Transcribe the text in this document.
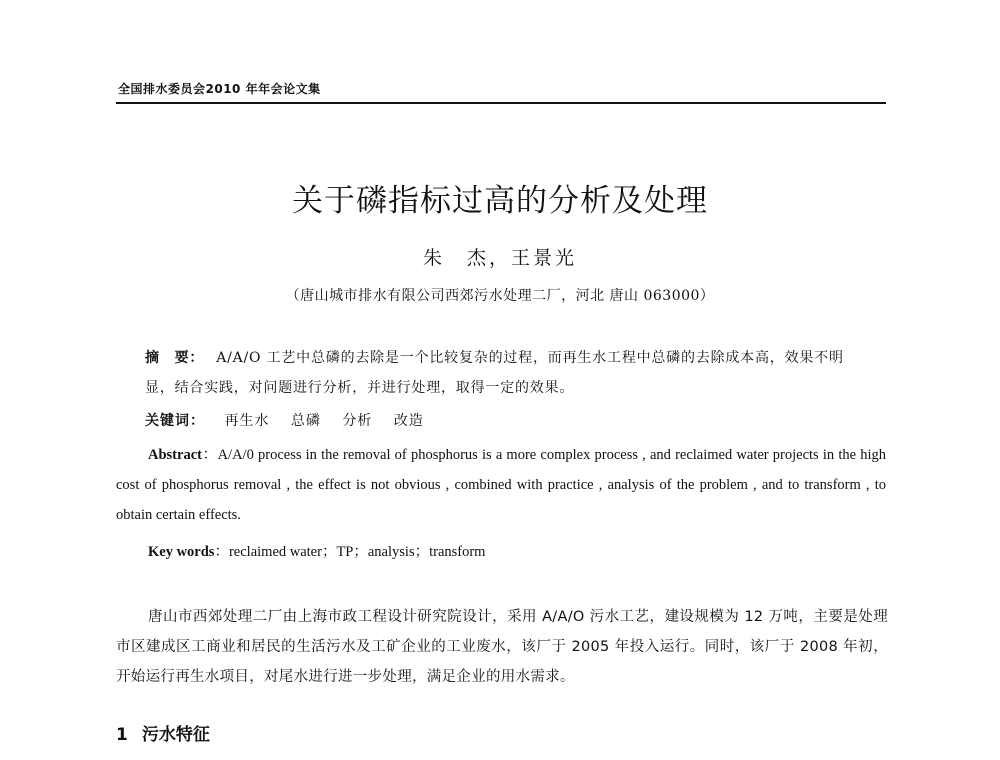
全国排水委员会2010 年年会论文集
关于磷指标过高的分析及处理
朱　杰，王景光
（唐山城市排水有限公司西郊污水处理二厂，河北 唐山 063000）
摘　要： A/A/O 工艺中总磷的去除是一个比较复杂的过程，而再生水工程中总磷的去除成本高，效果不明显，结合实践，对问题进行分析，并进行处理，取得一定的效果。
关键词： 再生水 总磷 分析 改造
Abstract：A/A/0 process in the removal of phosphorus is a more complex process , and reclaimed water projects in the high cost of phosphorus removal , the effect is not obvious , combined with practice , analysis of the problem , and to transform , to obtain certain effects.
Key words：reclaimed water；TP；analysis；transform
唐山市西郊处理二厂由上海市政工程设计研究院设计，采用 A/A/O 污水工艺，建设规模为 12 万吨，主要是处理市区建成区工商业和居民的生活污水及工矿企业的工业废水，该厂于 2005 年投入运行。同时，该厂于 2008 年初，开始运行再生水项目，对尾水进行进一步处理，满足企业的用水需求。
1 污水特征
